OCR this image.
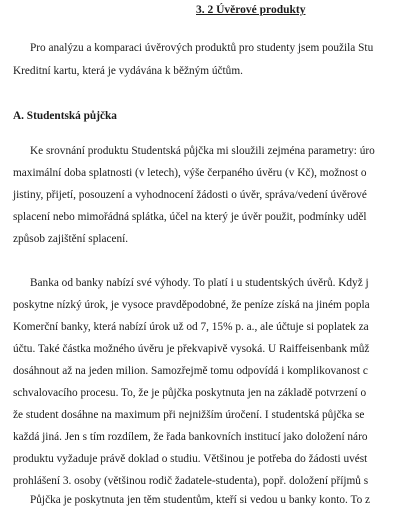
3. 2 Úvěrové produkty
Pro analýzu a komparaci úvěrových produktů pro studenty jsem použila Stu
Kreditní kartu, která je vydávána k běžným účtům.
A. Studentská půjčka
Ke srovnání produktu Studentská půjčka mi sloužili zejména parametry: úro
maximální doba splatnosti (v letech), výše čerpaného úvěru (v Kč), možnost o
jistiny, přijetí, posouzení a vyhodnocení žádosti o úvěr, správa/vedení úvěrové
splacení nebo mimořádná splátka, účel na který je úvěr použit, podmínky uděl
způsob zajištění splacení.
Banka od banky nabízí své výhody. To platí i u studentských úvěrů. Když j
poskytne nízký úrok, je vysoce pravděpodobné, že peníze získá na jiném popla
Komerční banky, která nabízí úrok už od 7, 15% p. a., ale účtuje si poplatek za
účtu. Také částka možného úvěru je překvapivě vysoká. U Raiffeisenbank můž
dosáhnout až na jeden milion. Samozřejmě tomu odpovídá i komplikovanost c
schvalovacího procesu. To, že je půjčka poskytnuta jen na základě potvrzení o
že student dosáhne na maximum při nejnižším úročení. I studentská půjčka se
každá jiná. Jen s tím rozdílem, že řada bankovních institucí jako doložení náro
produktu vyžaduje právě doklad o studiu. Většinou je potřeba do žádosti uvést
prohlášení 3. osoby (většinou rodič žadatele-studenta), popř. doložení příjmů s
Půjčka je poskytnuta jen těm studentům, kteří si vedou u banky konto. To z
